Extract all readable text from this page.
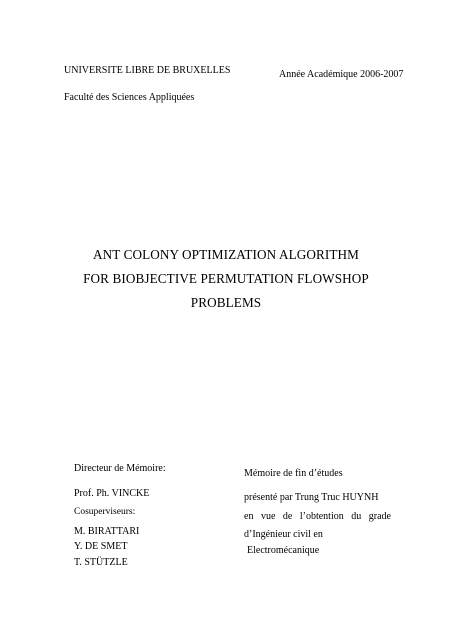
UNIVERSITE LIBRE DE BRUXELLES
Faculté des Sciences Appliquées
Année Académique 2006-2007
ANT COLONY OPTIMIZATION ALGORITHM
FOR BIOBJECTIVE PERMUTATION FLOWSHOP
PROBLEMS
Directeur de Mémoire:
Prof. Ph. VINCKE
Cosuperviseurs:
M. BIRATTARI
Y. DE SMET
T. STÜTZLE
Mémoire de fin d’études
présenté par Trung Truc HUYNH
en vue de l’obtention du grade
d’Ingénieur civil en
Electromécanique
